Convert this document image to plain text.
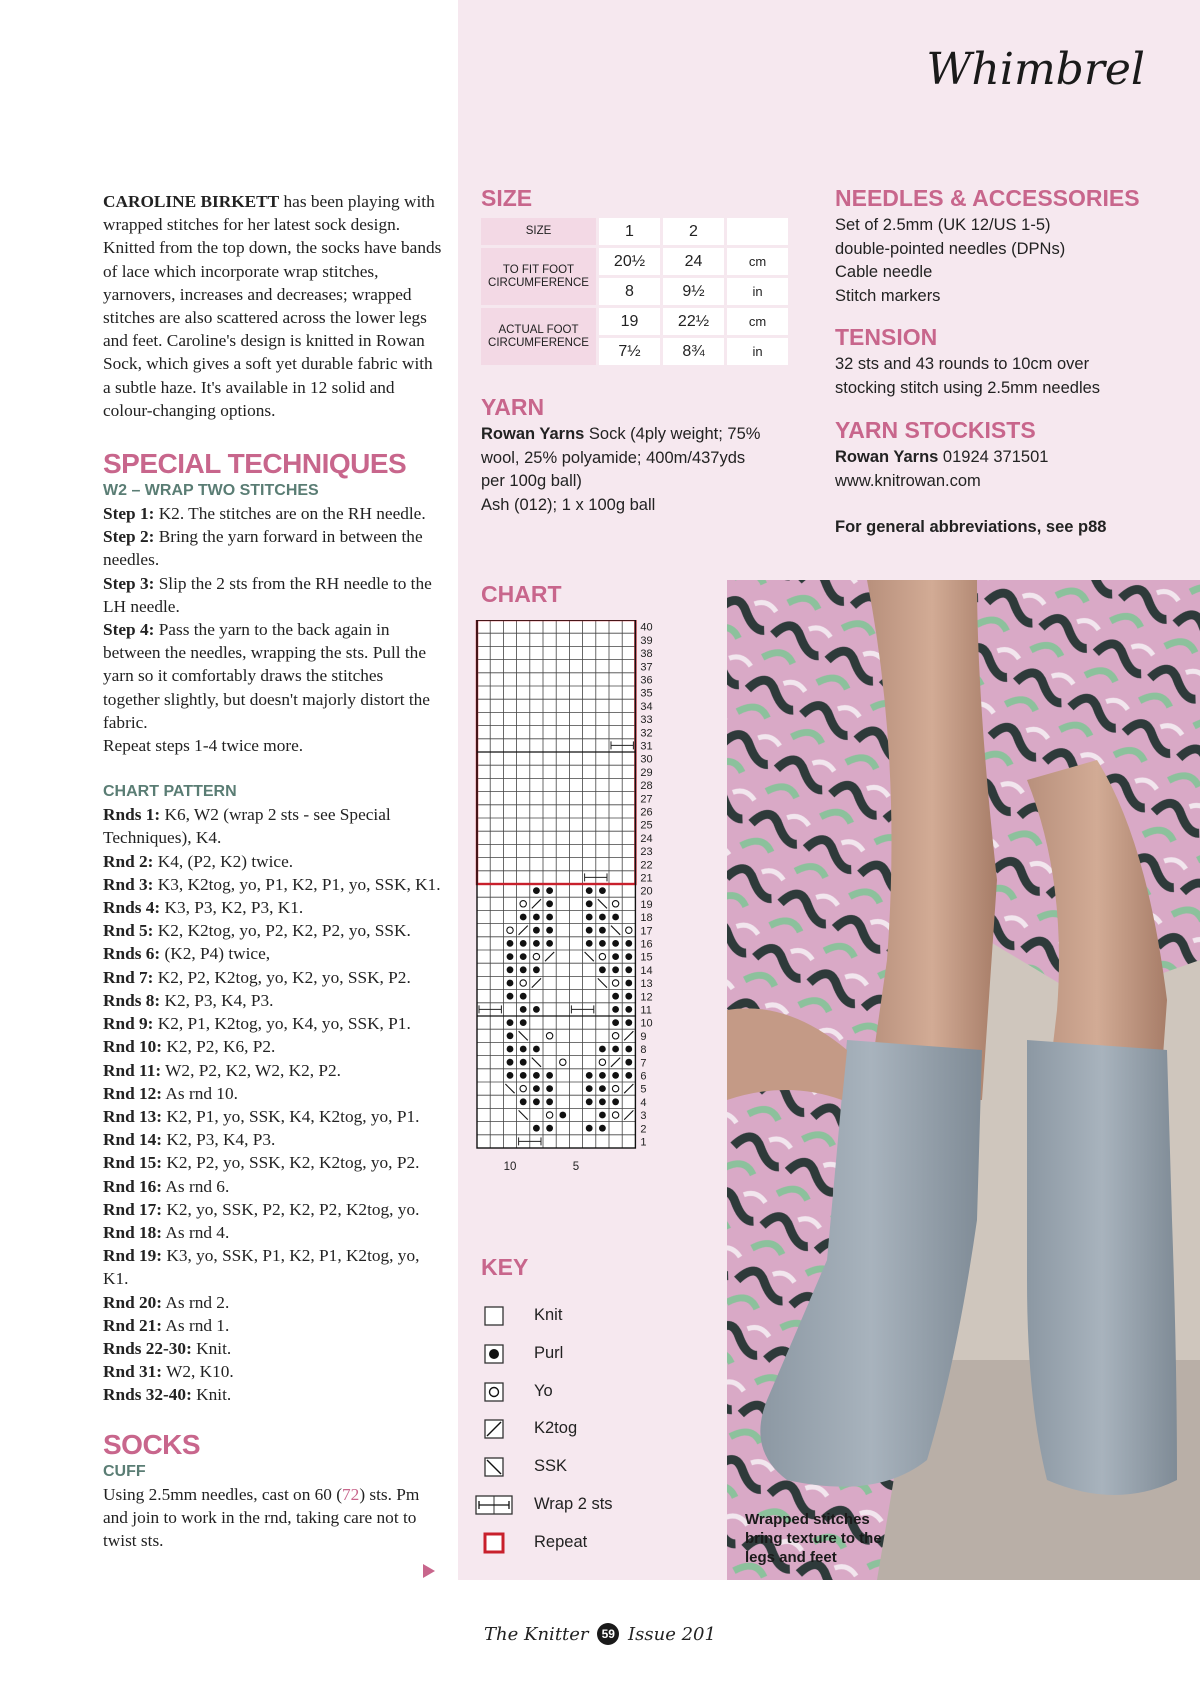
Whimbrel

CAROLINE BIRKETT has been playing with wrapped stitches for her latest sock design. Knitted from the top down, the socks have bands of lace which incorporate wrap stitches, yarnovers, increases and decreases; wrapped stitches are also scattered across the lower legs and feet. Caroline's design is knitted in Rowan Sock, which gives a soft yet durable fabric with a subtle haze. It's available in 12 solid and colour-changing options.

SPECIAL TECHNIQUES
W2 – WRAP TWO STITCHES

Step 1: K2. The stitches are on the RH needle.

Step 2: Bring the yarn forward in between the needles.

Step 3: Slip the 2 sts from the RH needle to the LH needle.

Step 4: Pass the yarn to the back again in between the needles, wrapping the sts. Pull the yarn so it comfortably draws the stitches together slightly, but doesn't majorly distort the fabric.

Repeat steps 1-4 twice more.

CHART PATTERN

Rnds 1: K6, W2 (wrap 2 sts - see Special Techniques), K4.

Rnd 2: K4, (P2, K2) twice.

Rnd 3: K3, K2tog, yo, P1, K2, P1, yo, SSK, K1.

Rnds 4: K3, P3, K2, P3, K1.

Rnd 5: K2, K2tog, yo, P2, K2, P2, yo, SSK.

Rnds 6: (K2, P4) twice,

Rnd 7: K2, P2, K2tog, yo, K2, yo, SSK, P2.

Rnds 8: K2, P3, K4, P3.

Rnd 9: K2, P1, K2tog, yo, K4, yo, SSK, P1.

Rnd 10: K2, P2, K6, P2.

Rnd 11: W2, P2, K2, W2, K2, P2.

Rnd 12: As rnd 10.

Rnd 13: K2, P1, yo, SSK, K4, K2tog, yo, P1.

Rnd 14: K2, P3, K4, P3.

Rnd 15: K2, P2, yo, SSK, K2, K2tog, yo, P2.

Rnd 16: As rnd 6.

Rnd 17: K2, yo, SSK, P2, K2, P2, K2tog, yo.

Rnd 18: As rnd 4.

Rnd 19: K3, yo, SSK, P1, K2, P1, K2tog, yo, K1.

Rnd 20: As rnd 2.

Rnd 21: As rnd 1.

Rnds 22-30: Knit.

Rnd 31: W2, K10.

Rnds 32-40: Knit.

SOCKS
CUFF

Using 2.5mm needles, cast on 60 (72) sts. Pm and join to work in the rnd, taking care not to twist sts.

SIZE
SIZE	1	2	
TO FIT FOOT CIRCUMFERENCE	20½	24	cm
	8	9½	in
ACTUAL FOOT CIRCUMFERENCE	19	22½	cm
	7½	8¾	in
YARN
Rowan Yarns Sock (4ply weight; 75% wool, 25% polyamide; 400m/437yds per 100g ball)
Ash (012); 1 x 100g ball
NEEDLES & ACCESSORIES
Set of 2.5mm (UK 12/US 1-5) double-pointed needles (DPNs)
Cable needle
Stitch markers
TENSION
32 sts and 43 rounds to 10cm over stocking stitch using 2.5mm needles
YARN STOCKISTS
Rowan Yarns 01924 371501
www.knitrowan.com
For general abbreviations, see p88
CHART
1
2
3
4
5
6
7
8
9
10
11
12
13
14
15
16
17
18
19
20
21
22
23
24
25
26
27
28
29
30
31
32
33
34
35
36
37
38
39
40
10	5
KEY
Knit
Purl
Yo
K2tog
SSK
Wrap 2 sts
Repeat
Wrapped stitches bring texture to the legs and feet
The Knitter 59 Issue 201
